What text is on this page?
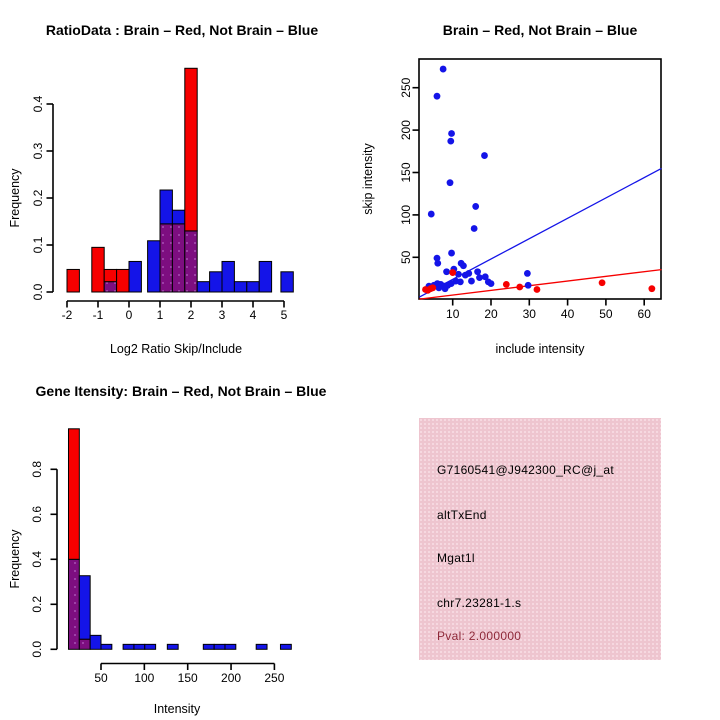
RatioData : Brain – Red, Not Brain – Blue
Log2 Ratio Skip/Include
Frequency
0.0
0.1
0.2
0.3
0.4
-2 -1 0 1 2 3 4 5
Brain – Red, Not Brain – Blue
include intensity
skip intensity
10 20 30 40 50 60
50
100
150
200
250
Gene Itensity: Brain – Red, Not Brain – Blue
Intensity
Frequency
0.0
0.2
0.4
0.6
0.8
50 100 150 200 250
G7160541@J942300_RC@j_at
altTxEnd
Mgat1l
chr7.23281-1.s
Pval: 2.000000
